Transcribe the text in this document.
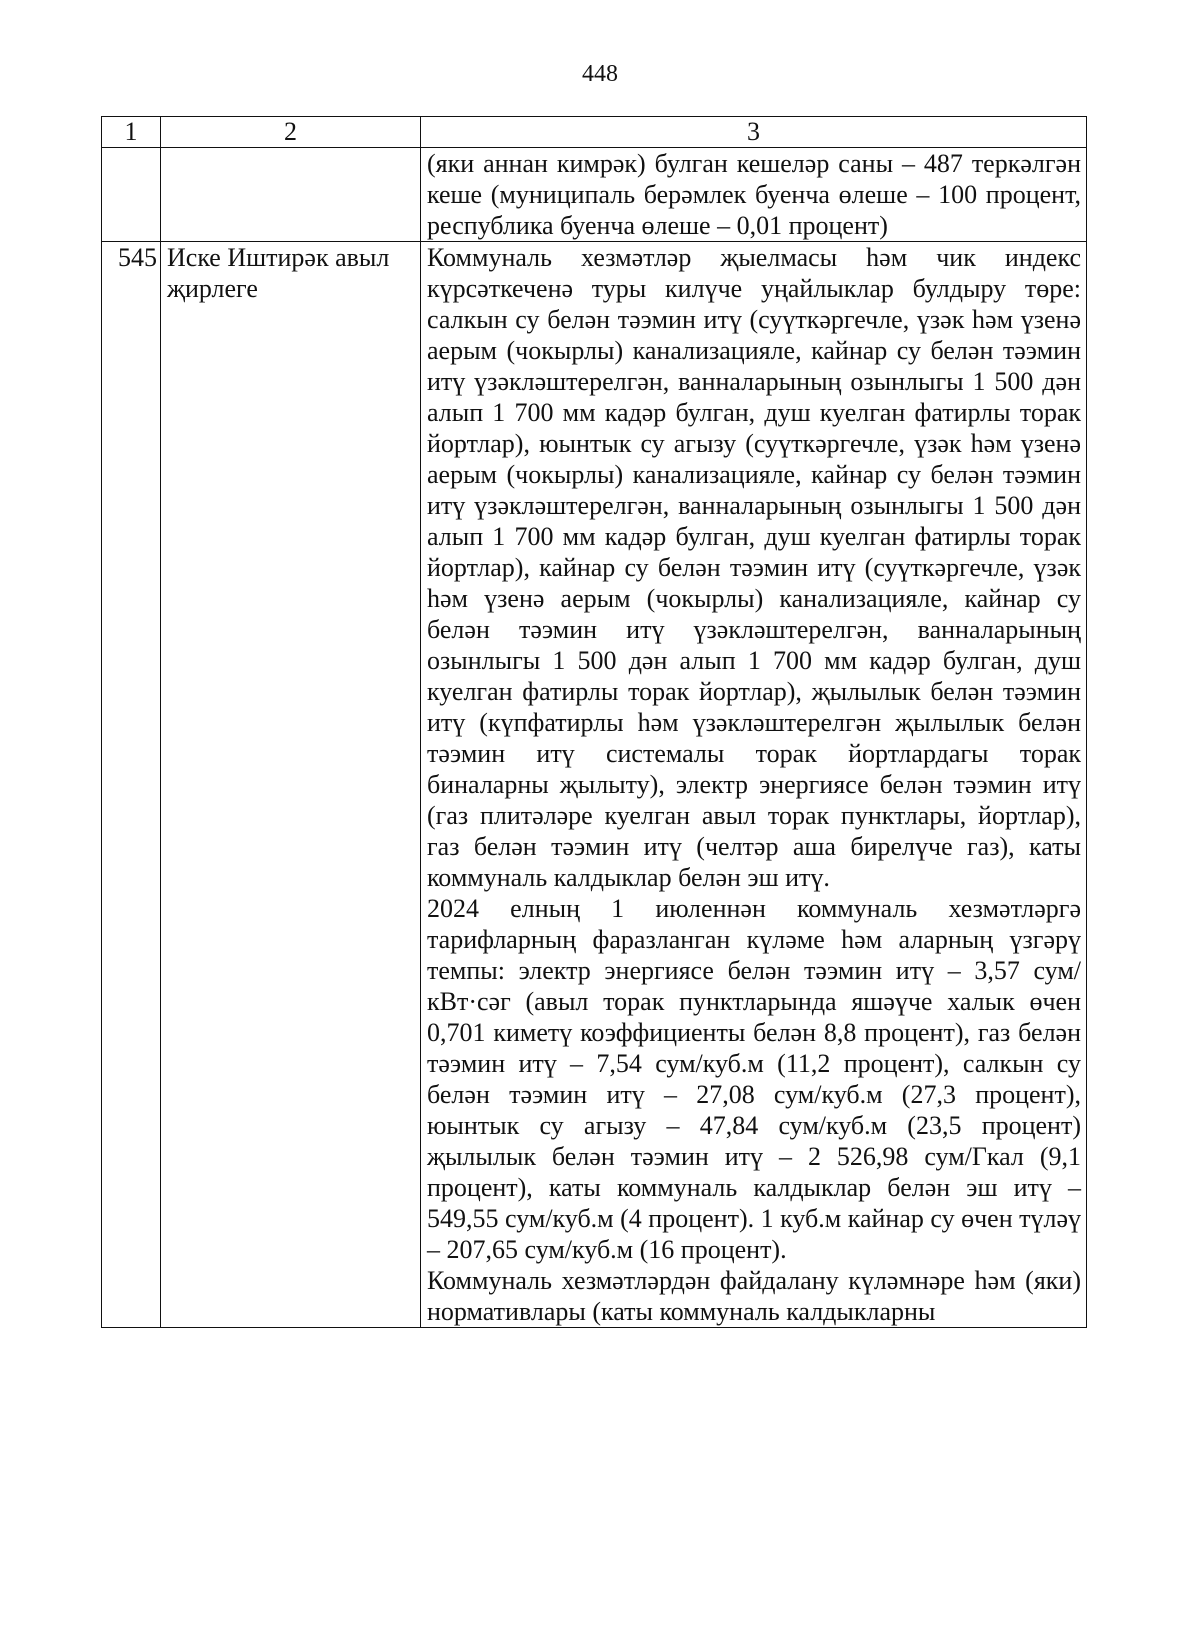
448
1	2	3

		(яки аннан кимрәк) булган кешеләр саны – 487 теркәлгән кеше (муниципаль берәмлек буенча өлеше – 100 процент, республика буенча өлеше – 0,01 процент)

545	Иске Иштирәк авыл җирлеге	Коммуналь хезмәтләр җыелмасы һәм чик индекс күрсәткеченә туры килүче уңайлыклар булдыру төре: салкын су белән тәэмин итү (суүткәргечле, үзәк һәм үзенә аерым (чокырлы) канализацияле, кайнар су белән тәэмин итү үзәкләштерелгән, ванналарының озынлыгы 1 500 дән алып 1 700 мм кадәр булган, душ куелган фатирлы торак йортлар), юынтык су агызу (суүткәргечле, үзәк һәм үзенә аерым (чокырлы) канализацияле, кайнар су белән тәэмин итү үзәкләштерелгән, ванналарының озынлыгы 1 500 дән алып 1 700 мм кадәр булган, душ куелган фатирлы торак йортлар), кайнар су белән тәэмин итү (суүткәргечле, үзәк һәм үзенә аерым (чокырлы) канализацияле, кайнар су белән тәэмин итү үзәкләштерелгән, ванналарының озынлыгы 1 500 дән алып 1 700 мм кадәр булган, душ куелган фатирлы торак йортлар), җылылык белән тәэмин итү (күпфатирлы һәм үзәкләштерелгән җылылык белән тәэмин итү системалы торак йортлардагы торак биналарны җылыту), электр энергиясе белән тәэмин итү (газ плитәләре куелган авыл торак пунктлары, йортлар), газ белән тәэмин итү (челтәр аша бирелүче газ), каты коммуналь калдыклар белән эш итү.

2024 елның 1 июленнән коммуналь хезмәтләргә тарифларның фаразланган күләме һәм аларның үзгәрү темпы: электр энергиясе белән тәэмин итү – 3,57 сум/кВт·сәг (авыл торак пунктларында яшәүче халык өчен 0,701 киметү коэффициенты белән 8,8 процент), газ белән тәэмин итү – 7,54 сум/куб.м (11,2 процент), салкын су белән тәэмин итү – 27,08 сум/куб.м (27,3 процент), юынтык су агызу – 47,84 сум/куб.м (23,5 процент) җылылык белән тәэмин итү – 2 526,98 сум/Гкал (9,1 процент), каты коммуналь калдыклар белән эш итү – 549,55 сум/куб.м (4 процент). 1 куб.м кайнар су өчен түләү – 207,65 сум/куб.м (16 процент).

Коммуналь хезмәтләрдән файдалану күләмнәре һәм (яки) нормативлары (каты коммуналь калдыкларны
